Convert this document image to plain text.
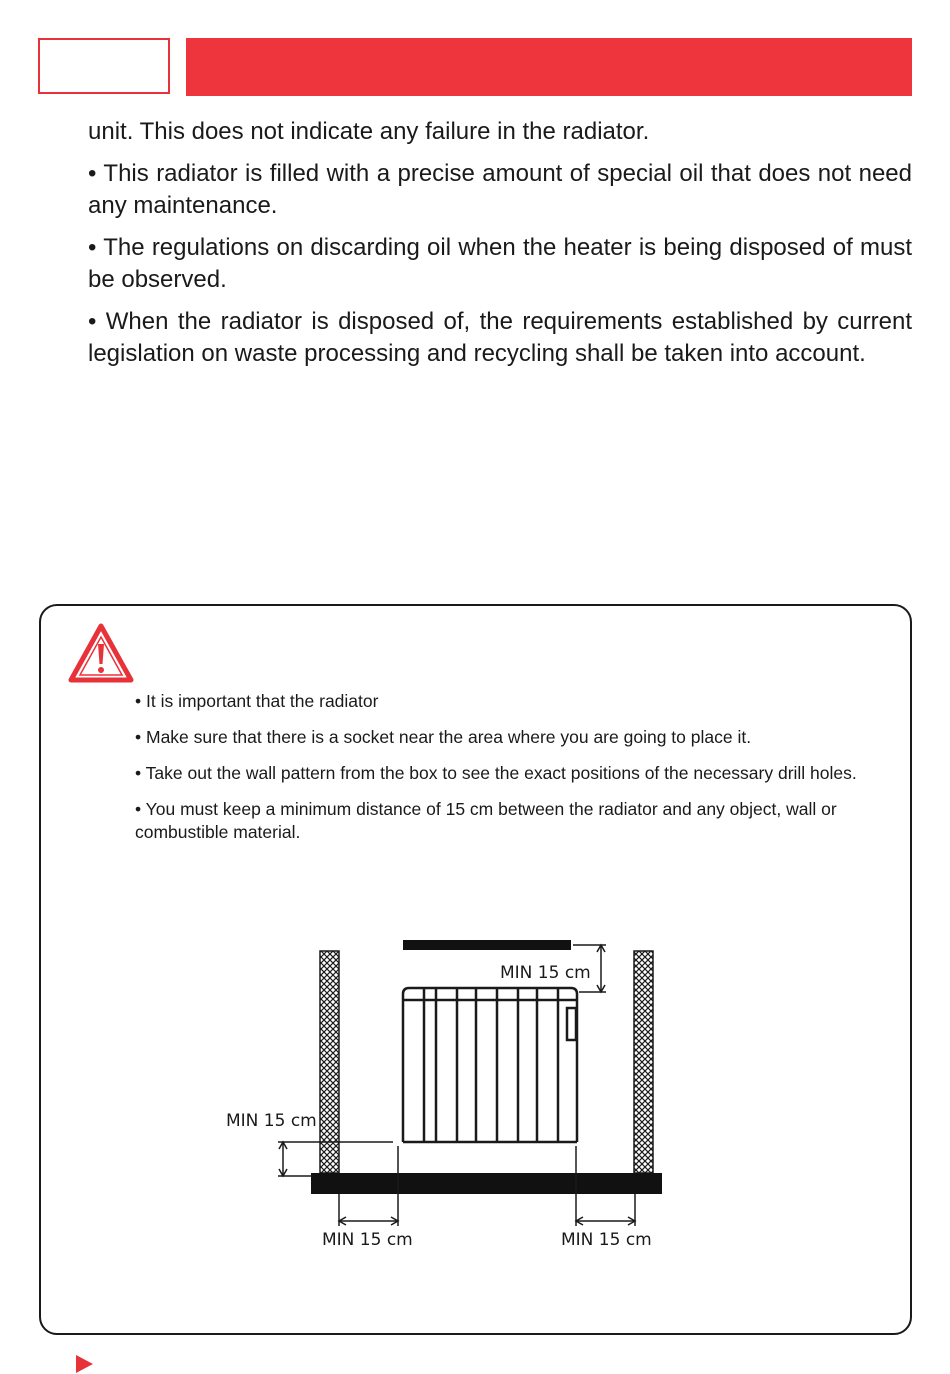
unit. This does not indicate any failure in the radiator.

• This radiator is filled with a precise amount of special oil that does not need any maintenance.

• The regulations on discarding oil when the heater is being disposed of must be observed.

• When the radiator is disposed of, the requirements established by current legislation on waste processing and recycling shall be taken into account.

• It is important that the radiator

• Make sure that there is a socket near the area where you are going to place it.

• Take out the wall pattern from the box to see the exact positions of the necessary drill holes.

• You must keep a minimum distance of 15 cm between the radiator and any object, wall or combustible material.

MIN 15 cm
MIN 15 cm
MIN 15 cm	MIN 15 cm
